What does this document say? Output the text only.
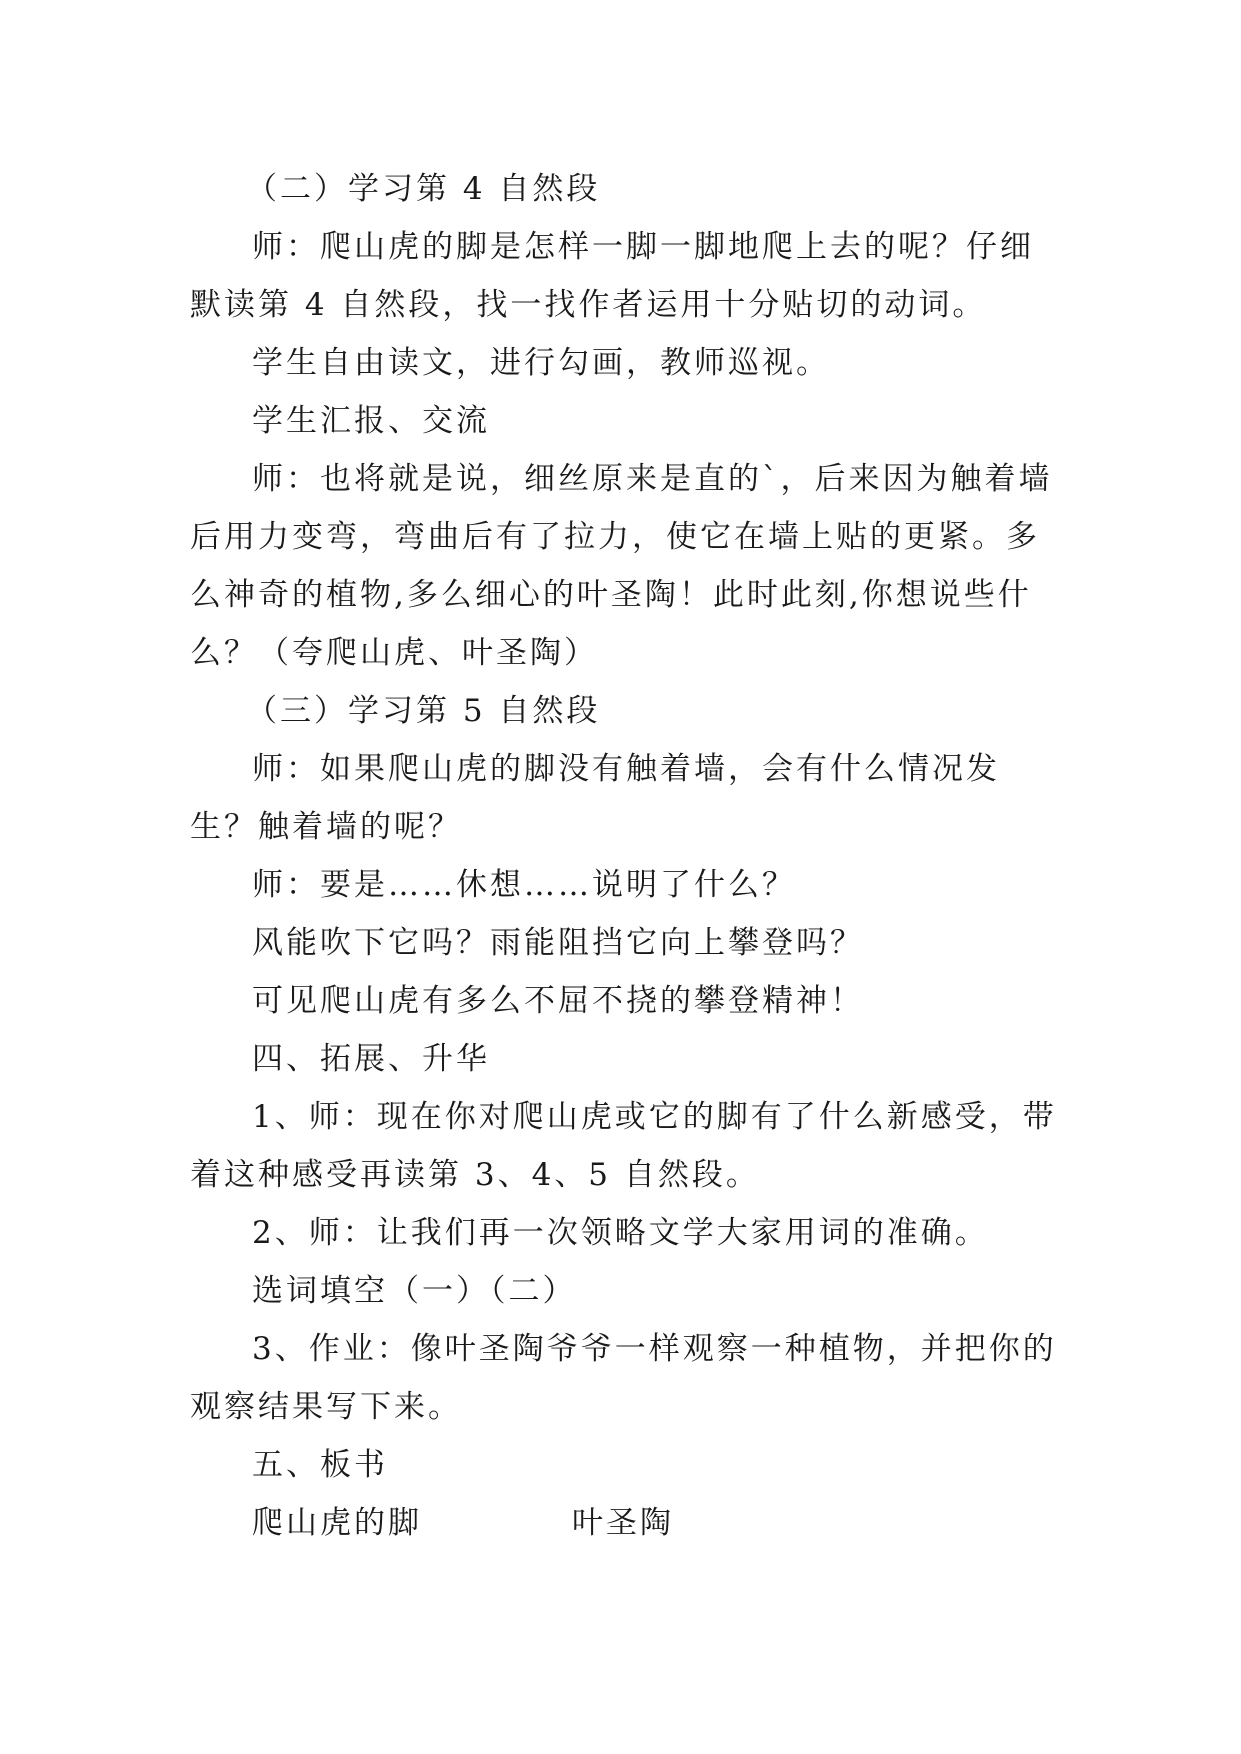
（二）学习第 4 自然段

师：爬山虎的脚是怎样一脚一脚地爬上去的呢？仔细默读第 4 自然段，找一找作者运用十分贴切的动词。

学生自由读文，进行勾画，教师巡视。

学生汇报、交流

师：也将就是说，细丝原来是直的`，后来因为触着墙后用力变弯，弯曲后有了拉力，使它在墙上贴的更紧。多么神奇的植物,多么细心的叶圣陶！此时此刻,你想说些什么？（夸爬山虎、叶圣陶）

（三）学习第 5 自然段

师：如果爬山虎的脚没有触着墙，会有什么情况发生？触着墙的呢？

师：要是……休想……说明了什么？

风能吹下它吗？雨能阻挡它向上攀登吗？

可见爬山虎有多么不屈不挠的攀登精神！

四、拓展、升华

1、师：现在你对爬山虎或它的脚有了什么新感受，带着这种感受再读第 3、4、5 自然段。

2、师：让我们再一次领略文学大家用词的准确。

选词填空（一）（二）

3、作业：像叶圣陶爷爷一样观察一种植物，并把你的观察结果写下来。

五、板书

爬山虎的脚	叶圣陶
